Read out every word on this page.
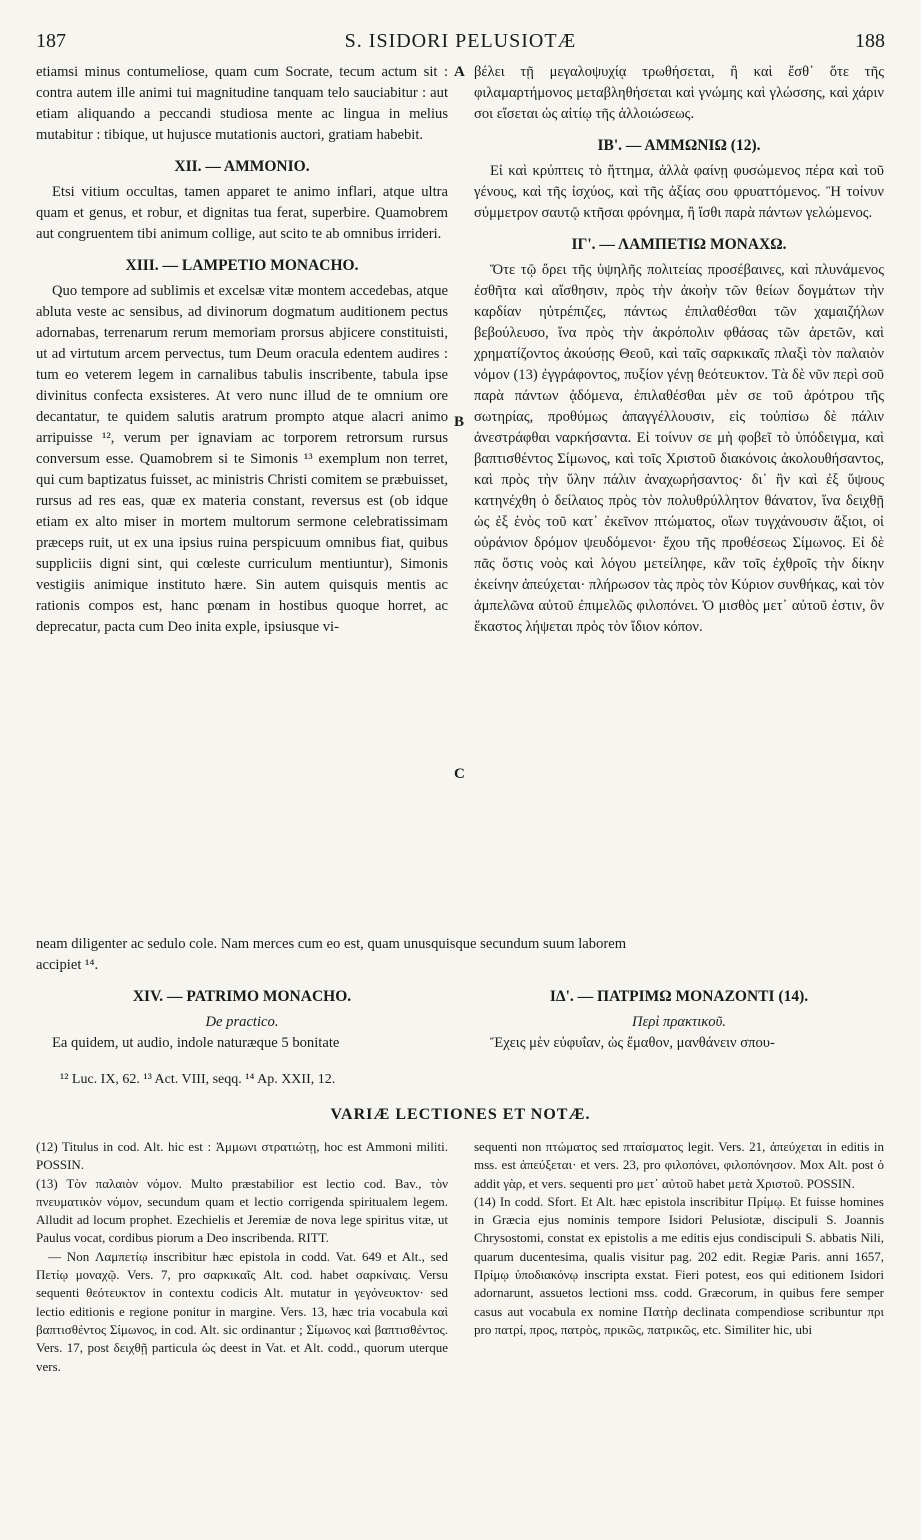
187	S. ISIDORI PELUSIOTÆ	188

etiamsi minus contumeliose, quam cum Socrate, tecum actum sit : contra autem ille animi tui magnitudine tanquam telo sauciabitur : aut etiam aliquando a peccandi studiosa mente ac lingua in melius mutabitur : tibique, ut hujusce mutationis auctori, gratiam habebit.

XII. — AMMONIO.

Etsi vitium occultas, tamen apparet te animo inflari, atque ultra quam et genus, et robur, et dignitas tua ferat, superbire. Quamobrem aut congruentem tibi animum collige, aut scito te ab omnibus irrideri.

XIII. — LAMPETIO MONACHO.

Quo tempore ad sublimis et excelsæ vitæ montem accedebas, atque abluta veste ac sensibus, ad divinorum dogmatum auditionem pectus adornabas, terrenarum rerum memoriam prorsus abjicere constituisti, ut ad virtutum arcem pervectus, tum Deum oracula edentem audires : tum eo veterem legem in carnalibus tabulis inscribente, tabula ipse divinitus confecta exsisteres. At vero nunc illud de te omnium ore decantatur, te quidem salutis aratrum prompto atque alacri animo arripuisse ¹², verum per ignaviam ac torporem retrorsum rursus conversum esse. Quamobrem si te Simonis ¹³ exemplum non terret, qui cum baptizatus fuisset, ac ministris Christi comitem se præbuisset, rursus ad res eas, quæ ex materia constant, reversus est (ob idque etiam ex alto miser in mortem multorum sermone celebratissimam præceps ruit, ut ex una ipsius ruina perspicuum omnibus fiat, quibus suppliciis digni sint, qui cœleste curriculum mentiuntur), Simonis vestigiis animique instituto hære. Sin autem quisquis mentis ac rationis compos est, hanc pœnam in hostibus quoque horret, ac deprecatur, pacta cum Deo inita exple, ipsiusque vi-

βέλει τῇ μεγαλοψυχίᾳ τρωθήσεται, ἢ καὶ ἔσθ᾽ ὅτε τῆς φιλαμαρτήμονος μεταβληθήσεται καὶ γνώμης καὶ γλώσσης, καὶ χάριν σοι εἴσεται ὡς αἰτίῳ τῆς ἀλλοιώσεως.

ΙΒ'. — ΑΜΜΩΝΙΩ (12).

Εἰ καὶ κρύπτεις τὸ ἥττημα, ἀλλὰ φαίνῃ φυσώμενος πέρα καὶ τοῦ γένους, καὶ τῆς ἰσχύος, καὶ τῆς ἀξίας σου φρυαττόμενος. Ἢ τοίνυν σύμμετρον σαυτῷ κτῆσαι φρόνημα, ἢ ἴσθι παρὰ πάντων γελώμενος.

ΙΓ'. — ΛΑΜΠΕΤΙΩ ΜΟΝΑΧΩ.

Ὅτε τῷ ὄρει τῆς ὑψηλῆς πολιτείας προσέβαινες, καὶ πλυνάμενος ἐσθῆτα καὶ αἴσθησιν, πρὸς τὴν ἀκοὴν τῶν θείων δογμάτων τὴν καρδίαν ηὐτρέπιζες, πάντως ἐπιλαθέσθαι τῶν χαμαιζήλων βεβούλευσο, ἵνα πρὸς τὴν ἀκρόπολιν φθάσας τῶν ἀρετῶν, καὶ χρηματίζοντος ἀκούσῃς Θεοῦ, καὶ ταῖς σαρκικαῖς πλαξὶ τὸν παλαιὸν νόμον (13) ἐγγράφοντος, πυξίον γένῃ θεότευκτον. Τὰ δὲ νῦν περὶ σοῦ παρὰ πάντων ᾀδόμενα, ἐπιλαθέσθαι μὲν σε τοῦ ἀρότρου τῆς σωτηρίας, προθύμως ἀπαγγέλλουσιν, εἰς τοὐπίσω δὲ πάλιν ἀνεστράφθαι ναρκήσαντα. Εἰ τοίνυν σε μὴ φοβεῖ τὸ ὑπόδειγμα, καὶ βαπτισθέντος Σίμωνος, καὶ τοῖς Χριστοῦ διακόνοις ἀκολουθήσαντος, καὶ πρὸς τὴν ὕλην πάλιν ἀναχωρήσαντος· δι᾽ ἣν καὶ ἐξ ὕψους κατηνέχθη ὁ δείλαιος πρὸς τὸν πολυθρύλλητον θάνατον, ἵνα δειχθῇ ὡς ἐξ ἑνὸς τοῦ κατ᾽ ἐκεῖνον πτώματος, οἵων τυγχάνουσιν ἄξιοι, οἱ οὐράνιον δρόμον ψευδόμενοι· ἔχου τῆς προθέσεως Σίμωνος. Εἰ δὲ πᾶς ὅστις νοὸς καὶ λόγου μετείληφε, κἂν τοῖς ἐχθροῖς τὴν δίκην ἐκείνην ἀπεύχεται· πλήρωσον τὰς πρὸς τὸν Κύριον συνθήκας, καὶ τὸν ἀμπελῶνα αὐτοῦ ἐπιμελῶς φιλοπόνει. Ὁ μισθὸς μετ᾽ αὐτοῦ ἐστιν, ὃν ἕκαστος λήψεται πρὸς τὸν ἴδιον κόπον.

A
B
C
neam diligenter ac sedulo cole. Nam merces cum eo est, quam unusquisque secundum suum laborem

accipiet ¹⁴.

XIV. — PATRIMO MONACHO.

De practico.

Ea quidem, ut audio, indole naturæque 5 bonitate

ΙΔ'. — ΠΑΤΡΙΜΩ ΜΟΝΑΖΟΝΤΙ (14).

Περὶ πρακτικοῦ.

Ἔχεις μὲν εὐφυΐαν, ὡς ἔμαθον, μανθάνειν σπου-

¹² Luc. IX, 62. ¹³ Act. VIII, seqq. ¹⁴ Ap. XXII, 12.
VARIÆ LECTIONES ET NOTÆ.

(12) Titulus in cod. Alt. hic est : Ἀμμωνι στρατιώτῃ, hoc est Ammoni militi. POSSIN.

(13) Τὸν παλαιὸν νόμον. Multo præstabilior est lectio cod. Bav., τὸν πνευματικὸν νόμον, secundum quam et lectio corrigenda spiritualem legem. Alludit ad locum prophet. Ezechielis et Jeremiæ de nova lege spiritus vitæ, ut Paulus vocat, cordibus piorum a Deo inscribenda. RITT.

— Non Λαμπετίῳ inscribitur hæc epistola in codd. Vat. 649 et Alt., sed Πετίῳ μοναχῷ. Vers. 7, pro σαρκικαῖς Alt. cod. habet σαρκίναις. Versu sequenti θεότευκτον in contextu codicis Alt. mutatur in γεγόνευκτον· sed lectio editionis e regione ponitur in margine. Vers. 13, hæc tria vocabula καὶ βαπτισθέντος Σίμωνος, in cod. Alt. sic ordinantur ; Σίμωνος καὶ βαπτισθέντος. Vers. 17, post δειχθῇ particula ὡς deest in Vat. et Alt. codd., quorum uterque vers.

sequenti non πτώματος sed πταίσματος legit. Vers. 21, ἀπεύχεται in editis in mss. est ἀπεύξεται· et vers. 23, pro φιλοπόνει, φιλοπόνησον. Mox Alt. post ὁ addit γὰρ, et vers. sequenti pro μετ᾽ αὐτοῦ habet μετὰ Χριστοῦ. POSSIN.

(14) In codd. Sfort. Et Alt. hæc epistola inscribitur Πρίμῳ. Et fuisse homines in Græcia ejus nominis tempore Isidori Pelusiotæ, discipuli S. Joannis Chrysostomi, constat ex epistolis a me editis ejus condiscipuli S. abbatis Nili, quarum ducentesima, qualis visitur pag. 202 edit. Regiæ Paris. anni 1657, Πρίμῳ ὑποδιακόνῳ inscripta exstat. Fieri potest, eos qui editionem Isidori adornarunt, assuetos lectioni mss. codd. Græcorum, in quibus fere semper casus aut vocabula ex nomine Πατὴρ declinata compendiose scribuntur πρι pro πατρί, προς, πατρὸς, πρικῶς, πατρικῶς, etc. Similiter hic, ubi
